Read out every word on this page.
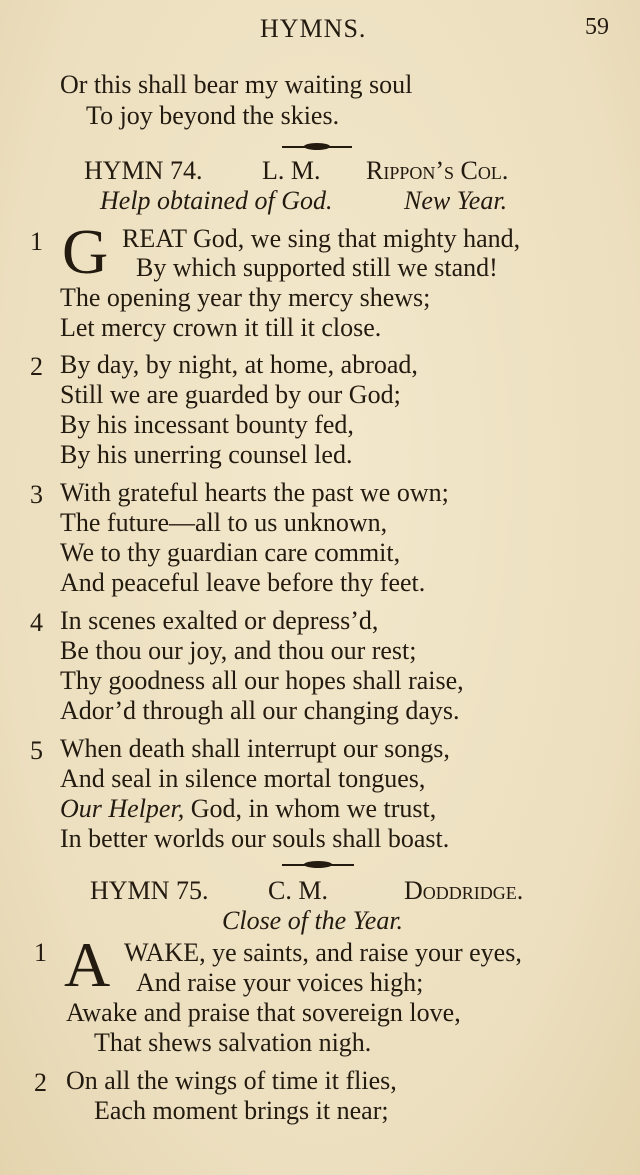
HYMNS.	59
Or this shall bear my waiting soul
To joy beyond the skies.
HYMN 74. L. M. Rippon’s Col.
Help obtained of God.	New Year.
1 G REAT God, we sing that mighty hand,
By which supported still we stand!
The opening year thy mercy shews;
Let mercy crown it till it close.
2 By day, by night, at home, abroad,
Still we are guarded by our God;
By his incessant bounty fed,
By his unerring counsel led.
3 With grateful hearts the past we own;
The future—all to us unknown,
We to thy guardian care commit,
And peaceful leave before thy feet.
4 In scenes exalted or depress’d,
Be thou our joy, and thou our rest;
Thy goodness all our hopes shall raise,
Ador’d through all our changing days.
5 When death shall interrupt our songs,
And seal in silence mortal tongues,
Our Helper, God, in whom we trust,
In better worlds our souls shall boast.
HYMN 75. C. M.	Doddridge.
Close of the Year.
1 A WAKE, ye saints, and raise your eyes,
And raise your voices high;
Awake and praise that sovereign love,
That shews salvation nigh.
2 On all the wings of time it flies,
Each moment brings it near;
